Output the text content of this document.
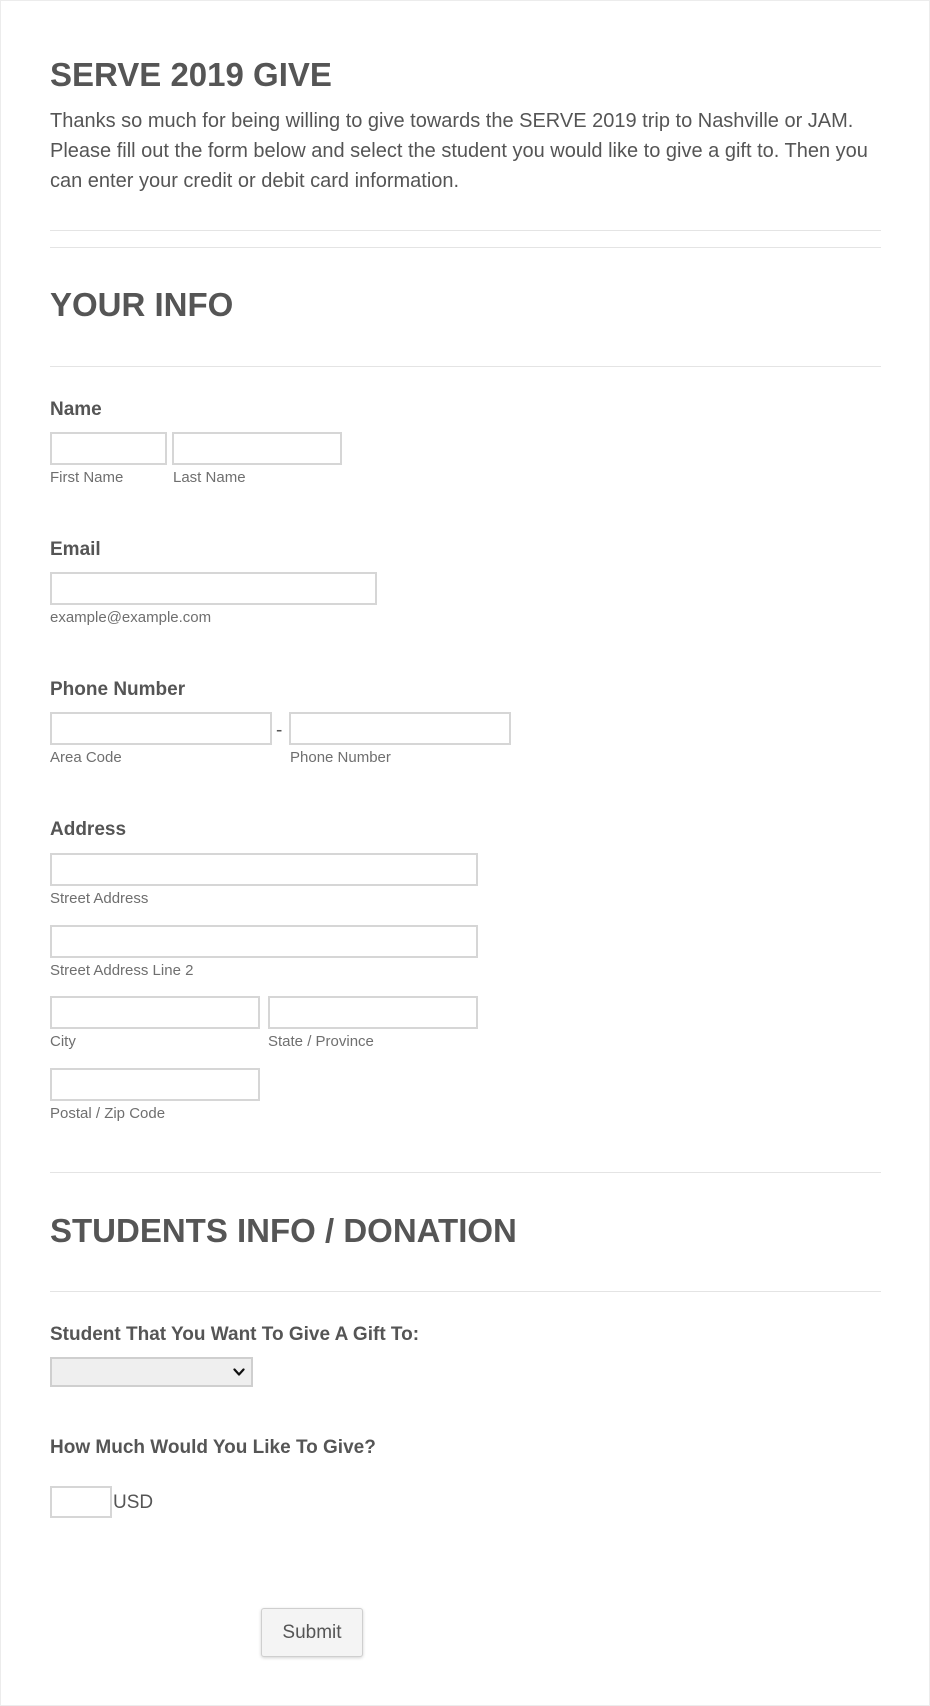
SERVE 2019 GIVE
Thanks so much for being willing to give towards the SERVE 2019 trip to Nashville or JAM. Please fill out the form below and select the student you would like to give a gift to. Then you can enter your credit or debit card information.
YOUR INFO
Name
First Name	Last Name
Email
example@example.com
Phone Number
-
Area Code	Phone Number
Address
Street Address
Street Address Line 2
City	State / Province
Postal / Zip Code
STUDENTS INFO / DONATION
Student That You Want To Give A Gift To:
How Much Would You Like To Give?
USD
Submit
